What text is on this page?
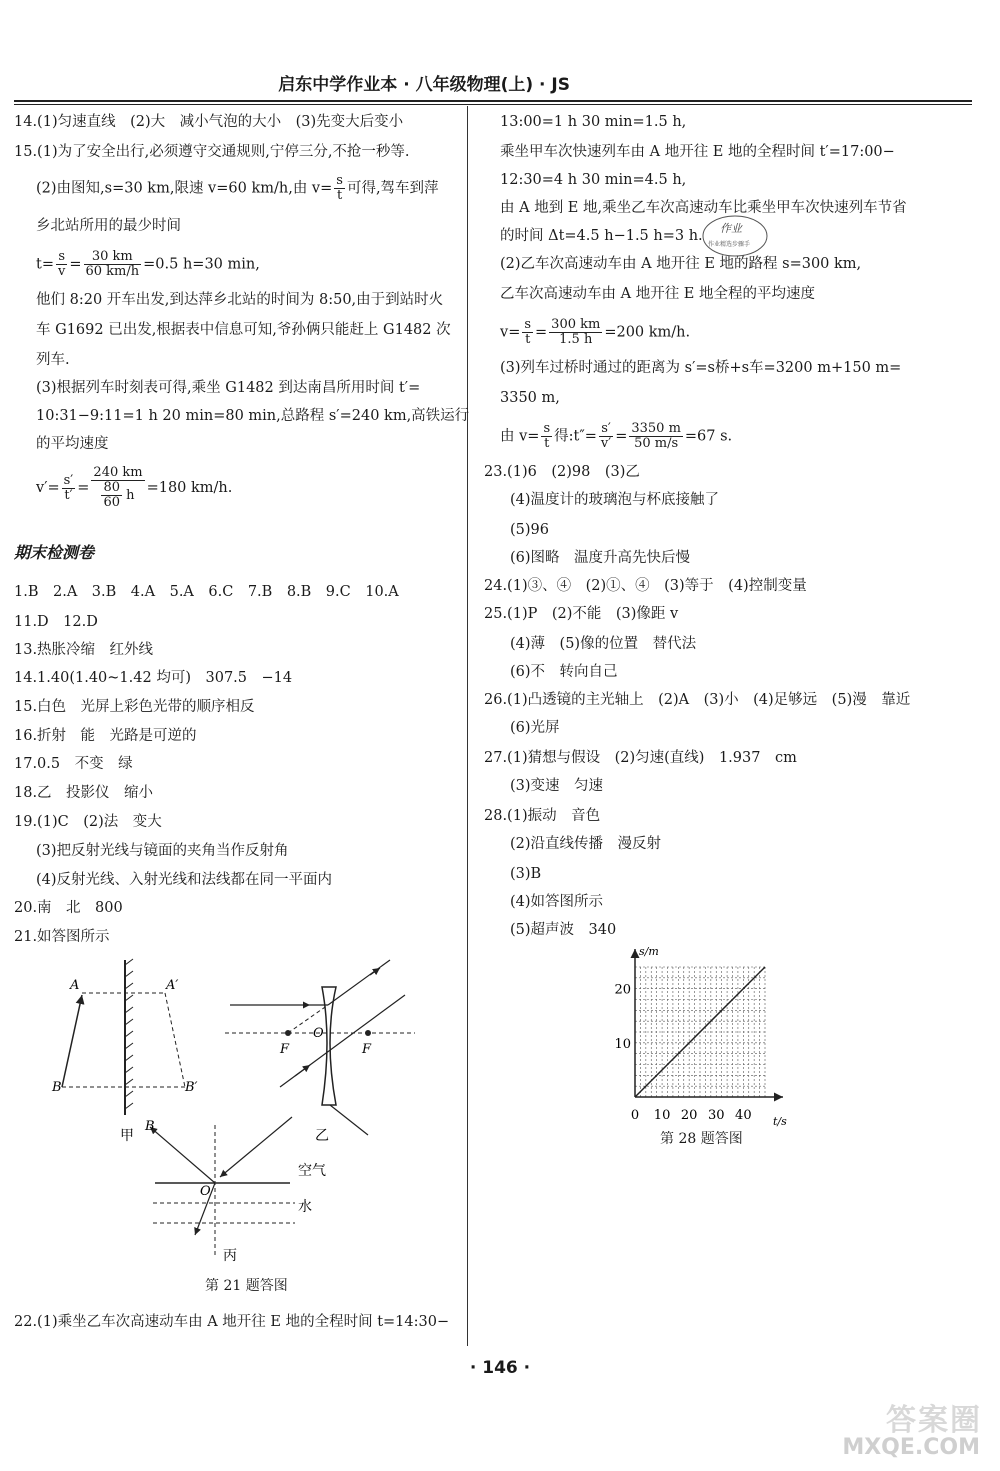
启东中学作业本 · 八年级物理(上) · JS
14.(1)匀速直线　(2)大　减小气泡的大小　(3)先变大后变小
15.(1)为了安全出行,必须遵守交通规则,宁停三分,不抢一秒等.
(2)由图知,s=30 km,限速 v=60 km/h,由 $v= \frac{s}{t}$ 可得,驾车到萍
乡北站所用的最少时间
$t= \frac{s}{v} = \frac{30 km}{60 km/h} =0.5$ h=30 min,
他们 8:20 开车出发,到达萍乡北站的时间为 8:50,由于到站时火
车 G1692 已出发,根据表中信息可知,爷孙俩只能赶上 G1482 次
列车.
(3)根据列车时刻表可得,乘坐 G1482 到达南昌所用时间 t′=
10:31−9:11=1 h 20 min=80 min,总路程 s′=240 km,高铁运行
的平均速度
$v'= \frac{s'}{t'} = \frac{240 km}{\frac{80}{60} h} =180$ km/h.
期末检测卷
1.B　2.A　3.B　4.A　5.A　6.C　7.B　8.B　9.C　10.A
11.D　12.D
13.热胀冷缩　红外线
14.1.40(1.40~1.42 均可)　307.5　−14
15.白色　光屏上彩色光带的顺序相反
16.折射　能　光路是可逆的
17.0.5　不变　绿
18.乙　投影仪　缩小
19.(1)C　(2)法　变大
(3)把反射光线与镜面的夹角当作反射角
(4)反射光线、入射光线和法线都在同一平面内
20.南　北　800
21.如答图所示
A	A′
B	B′
甲
F	F
O
乙
B
O
空气
水
丙
第 21 题答图
22.(1)乘坐乙车次高速动车由 A 地开往 E 地的全程时间 t=14:30−
13:00=1 h 30 min=1.5 h,
乘坐甲车次快速列车由 A 地开往 E 地的全程时间 t′=17:00−
12:30=4 h 30 min=4.5 h,
由 A 地到 E 地,乘坐乙车次高速动车比乘坐甲车次快速列车节省
的时间 Δt=4.5 h−1.5 h=3 h.
(2)乙车次高速动车由 A 地开往 E 地的路程 s=300 km,
乙车次高速动车由 A 地开往 E 地全程的平均速度
$v= \frac{s}{t} = \frac{300 km}{1.5 h} =200$ km/h.
(3)列车过桥时通过的距离为 s′=s桥+s车=3200 m+150 m=
3350 m,
由 $v= \frac{s}{t}$ 得:t″= $\frac{s'}{v'} = \frac{3350 m}{50 m/s} =67$ s.
作业
作业精选步骤手
23.(1)6　(2)98　(3)乙
(4)温度计的玻璃泡与杯底接触了
(5)96
(6)图略　温度升高先快后慢
24.(1)③、④　(2)①、④　(3)等于　(4)控制变量
25.(1)P　(2)不能　(3)像距 v
(4)薄　(5)像的位置　替代法
(6)不　转向自己
26.(1)凸透镜的主光轴上　(2)A　(3)小　(4)足够远　(5)漫　靠近
(6)光屏
27.(1)猜想与假设　(2)匀速(直线)　1.937　cm
(3)变速　匀速
28.(1)振动　音色
(2)沿直线传播　漫反射
(3)B
(4)如答图所示
(5)超声波　340
s/m
t/s
20
10
0 10 20 30 40
第 28 题答图
· 146 ·
答案圈
MXQE.COM
